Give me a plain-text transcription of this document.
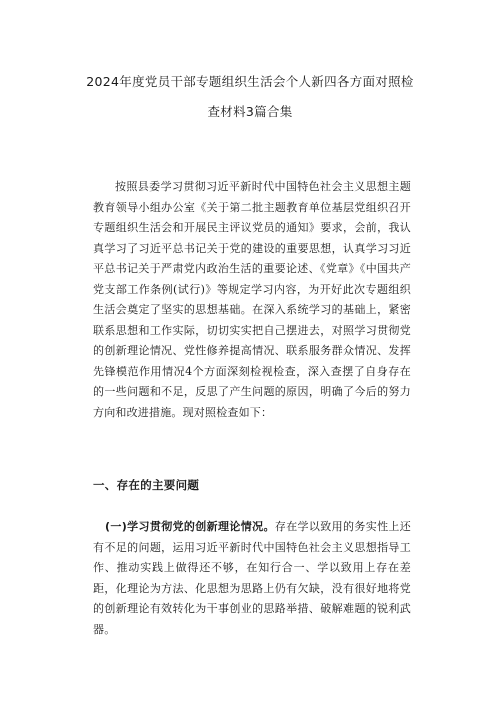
2024年度党员干部专题组织生活会个人新四各方面对照检
查材料3篇合集

按照县委学习贯彻习近平新时代中国特色社会主义思想主题教育领导小组办公室《关于第二批主题教育单位基层党组织召开专题组织生活会和开展民主评议党员的通知》要求，会前，我认真学习了习近平总书记关于党的建设的重要思想，认真学习习近平总书记关于严肃党内政治生活的重要论述、《党章》《中国共产党支部工作条例(试行)》等规定学习内容，为开好此次专题组织生活会奠定了坚实的思想基础。在深入系统学习的基础上，紧密联系思想和工作实际，切切实实把自己摆进去，对照学习贯彻党的创新理论情况、党性修养提高情况、联系服务群众情况、发挥先锋模范作用情况4个方面深刻检视检查，深入查摆了自身存在的一些问题和不足，反思了产生问题的原因，明确了今后的努力方向和改进措施。现对照检查如下：

一、存在的主要问题

(一)学习贯彻党的创新理论情况。存在学以致用的务实性上还有不足的问题，运用习近平新时代中国特色社会主义思想指导工作、推动实践上做得还不够，在知行合一、学以致用上存在差距，化理论为方法、化思想为思路上仍有欠缺，没有很好地将党的创新理论有效转化为干事创业的思路举措、破解难题的锐利武器。
